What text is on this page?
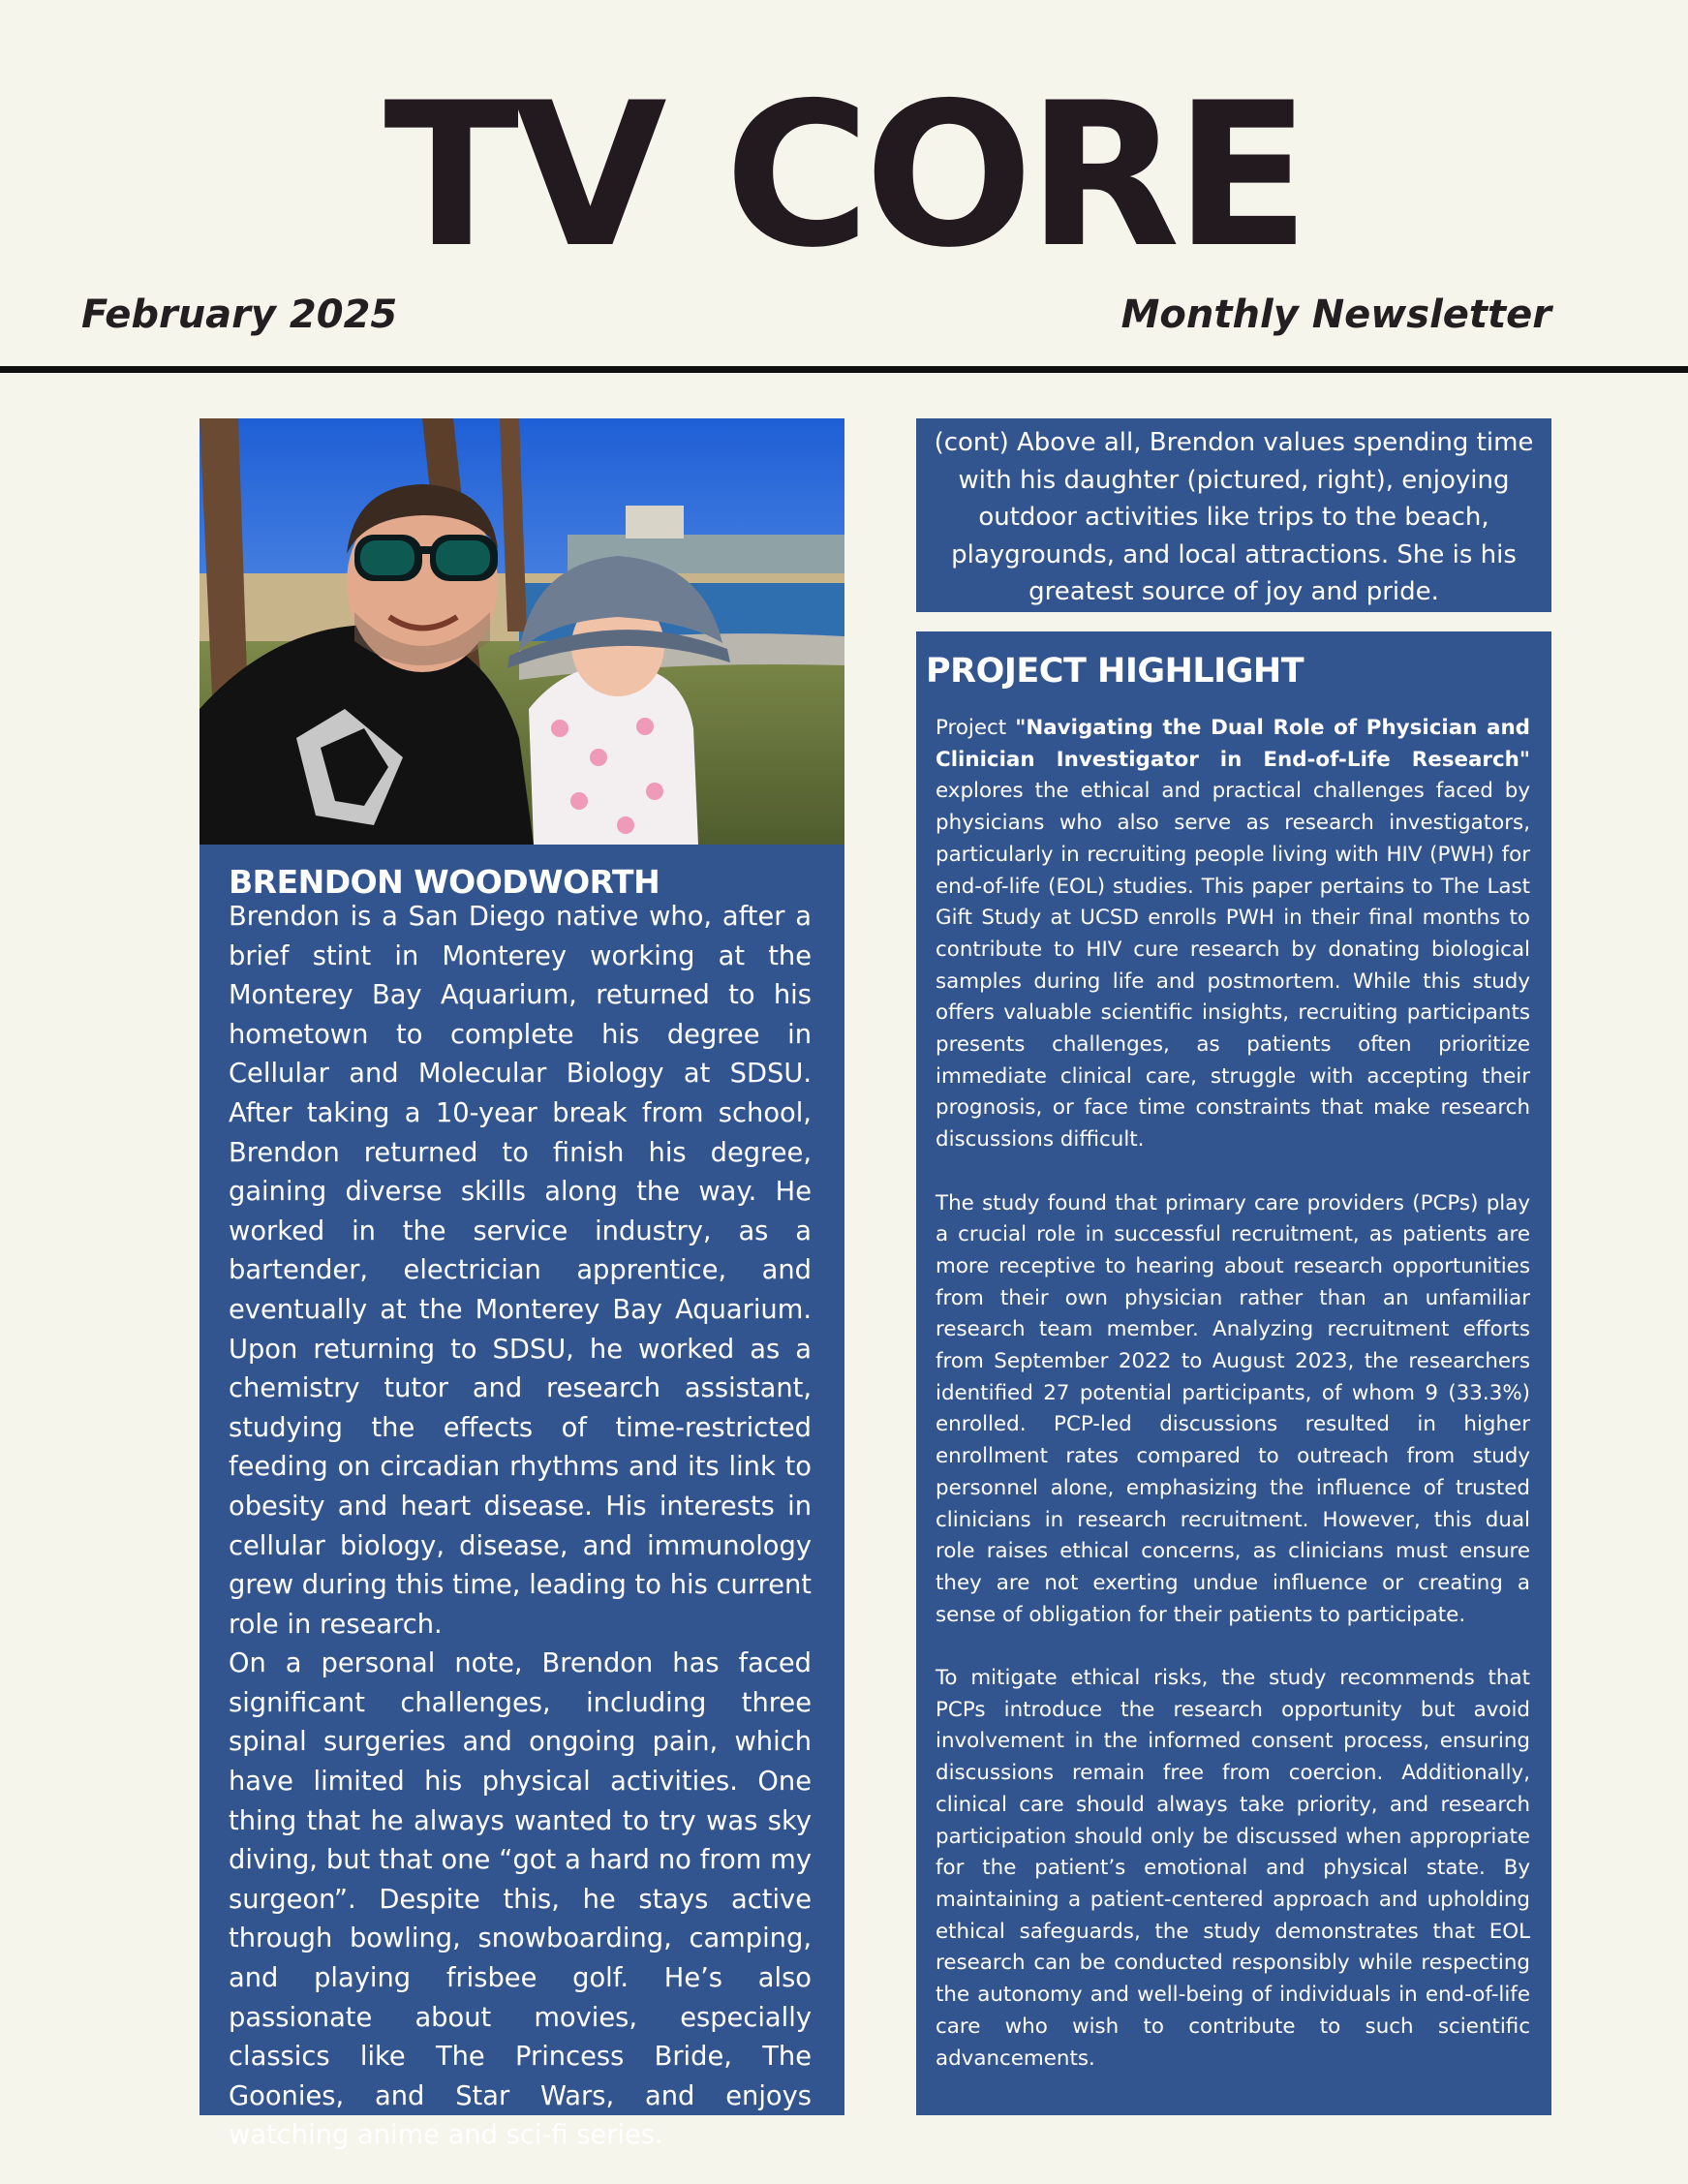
TV CORE
February 2025	Monthly Newsletter
BRENDON WOODWORTH

Brendon is a San Diego native who, after a brief stint in Monterey working at the Monterey Bay Aquarium, returned to his hometown to complete his degree in Cellular and Molecular Biology at SDSU. After taking a 10-year break from school, Brendon returned to finish his degree, gaining diverse skills along the way. He worked in the service industry, as a bartender, electrician apprentice, and eventually at the Monterey Bay Aquarium. Upon returning to SDSU, he worked as a chemistry tutor and research assistant, studying the effects of time-restricted feeding on circadian rhythms and its link to obesity and heart disease. His interests in cellular biology, disease, and immunology grew during this time, leading to his current role in research.

On a personal note, Brendon has faced significant challenges, including three spinal surgeries and ongoing pain, which have limited his physical activities. One thing that he always wanted to try was sky diving, but that one “got a hard no from my surgeon”. Despite this, he stays active through bowling, snowboarding, camping, and playing frisbee golf. He’s also passionate about movies, especially classics like The Princess Bride, The Goonies, and Star Wars, and enjoys watching anime and sci-fi series.

(cont) Above all, Brendon values spending time with his daughter (pictured, right), enjoying outdoor activities like trips to the beach, playgrounds, and local attractions. She is his greatest source of joy and pride.

PROJECT HIGHLIGHT

Project "Navigating the Dual Role of Physician and Clinician Investigator in End-of-Life Research" explores the ethical and practical challenges faced by physicians who also serve as research investigators, particularly in recruiting people living with HIV (PWH) for end-of-life (EOL) studies. This paper pertains to The Last Gift Study at UCSD enrolls PWH in their final months to contribute to HIV cure research by donating biological samples during life and postmortem. While this study offers valuable scientific insights, recruiting participants presents challenges, as patients often prioritize immediate clinical care, struggle with accepting their prognosis, or face time constraints that make research discussions difficult.

The study found that primary care providers (PCPs) play a crucial role in successful recruitment, as patients are more receptive to hearing about research opportunities from their own physician rather than an unfamiliar research team member. Analyzing recruitment efforts from September 2022 to August 2023, the researchers identified 27 potential participants, of whom 9 (33.3%) enrolled. PCP-led discussions resulted in higher enrollment rates compared to outreach from study personnel alone, emphasizing the influence of trusted clinicians in research recruitment. However, this dual role raises ethical concerns, as clinicians must ensure they are not exerting undue influence or creating a sense of obligation for their patients to participate.

To mitigate ethical risks, the study recommends that PCPs introduce the research opportunity but avoid involvement in the informed consent process, ensuring discussions remain free from coercion. Additionally, clinical care should always take priority, and research participation should only be discussed when appropriate for the patient’s emotional and physical state. By maintaining a patient-centered approach and upholding ethical safeguards, the study demonstrates that EOL research can be conducted responsibly while respecting the autonomy and well-being of individuals in end-of-life care who wish to contribute to such scientific advancements.
